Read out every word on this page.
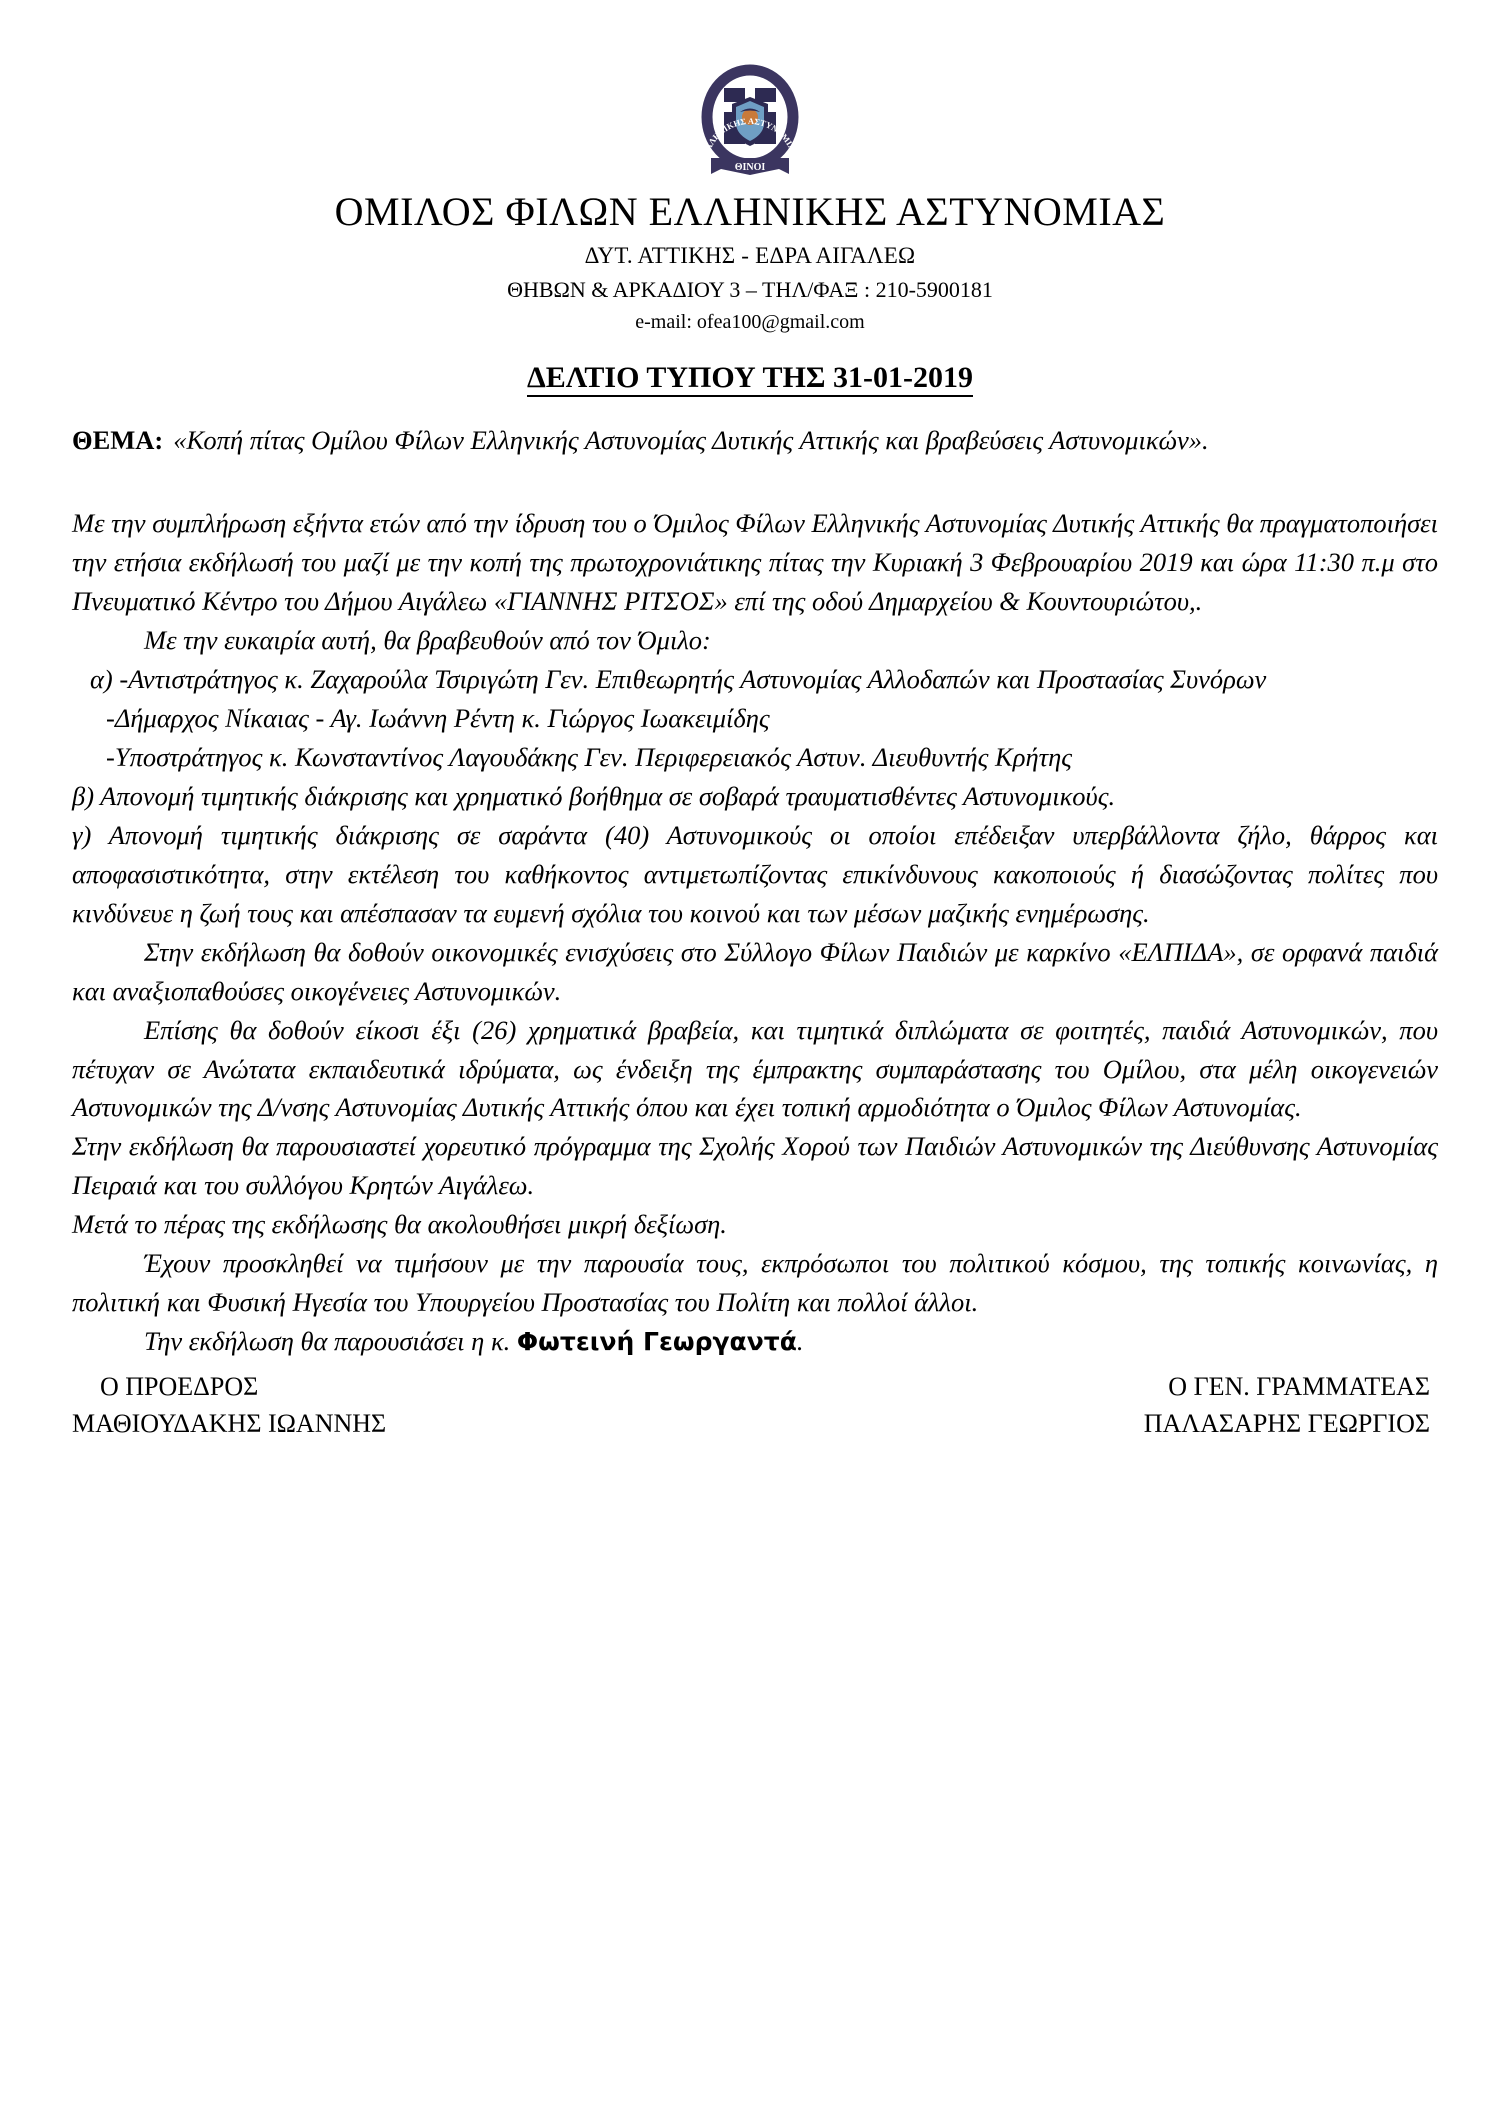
ΕΛΛΗΝΙΚΗΣ ΑΣΤΥΝΟΜΙΑΣ
ΘΙΝΟΙ
ΟΜΙΛΟΣ ΦΙΛΩΝ ΕΛΛΗΝΙΚΗΣ ΑΣΤΥΝΟΜΙΑΣ
ΔΥΤ. ΑΤΤΙΚΗΣ - ΕΔΡΑ ΑΙΓΑΛΕΩ
ΘΗΒΩΝ & ΑΡΚΑΔΙΟΥ 3 – ΤΗΛ/ΦΑΞ : 210-5900181
e-mail: ofea100@gmail.com
ΔΕΛΤΙΟ ΤΥΠΟΥ ΤΗΣ 31-01-2019
ΘΕΜΑ: «Κοπή πίτας Ομίλου Φίλων Ελληνικής Αστυνομίας Δυτικής Αττικής και βραβεύσεις Αστυνομικών».

Με την συμπλήρωση εξήντα ετών από την ίδρυση του ο Όμιλος Φίλων Ελληνικής Αστυνομίας Δυτικής Αττικής θα πραγματοποιήσει την ετήσια εκδήλωσή του μαζί με την κοπή της πρωτοχρονιάτικης πίτας την Κυριακή 3 Φεβρουαρίου 2019 και ώρα 11:30 π.μ στο Πνευματικό Κέντρο του Δήμου Αιγάλεω «ΓΙΑΝΝΗΣ ΡΙΤΣΟΣ» επί της οδού Δημαρχείου & Κουντουριώτου,.

Με την ευκαιρία αυτή, θα βραβευθούν από τον Όμιλο:

α) -Αντιστράτηγος κ. Ζαχαρούλα Τσιριγώτη Γεν. Επιθεωρητής Αστυνομίας Αλλοδαπών και Προστασίας Συνόρων

-Δήμαρχος Νίκαιας - Αγ. Ιωάννη Ρέντη κ. Γιώργος Ιωακειμίδης

-Υποστράτηγος κ. Κωνσταντίνος Λαγουδάκης Γεν. Περιφερειακός Αστυν. Διευθυντής Κρήτης

β) Απονομή τιμητικής διάκρισης και χρηματικό βοήθημα σε σοβαρά τραυματισθέντες Αστυνομικούς.

γ) Απονομή τιμητικής διάκρισης σε σαράντα (40) Αστυνομικούς οι οποίοι επέδειξαν υπερβάλλοντα ζήλο, θάρρος και αποφασιστικότητα, στην εκτέλεση του καθήκοντος αντιμετωπίζοντας επικίνδυνους κακοποιούς ή διασώζοντας πολίτες που κινδύνευε η ζωή τους και απέσπασαν τα ευμενή σχόλια του κοινού και των μέσων μαζικής ενημέρωσης.

Στην εκδήλωση θα δοθούν οικονομικές ενισχύσεις στο Σύλλογο Φίλων Παιδιών με καρκίνο «ΕΛΠΙΔΑ», σε ορφανά παιδιά και αναξιοπαθούσες οικογένειες Αστυνομικών.

Επίσης θα δοθούν είκοσι έξι (26) χρηματικά βραβεία, και τιμητικά διπλώματα σε φοιτητές, παιδιά Αστυνομικών, που πέτυχαν σε Ανώτατα εκπαιδευτικά ιδρύματα, ως ένδειξη της έμπρακτης συμπαράστασης του Ομίλου, στα μέλη οικογενειών Αστυνομικών της Δ/νσης Αστυνομίας Δυτικής Αττικής όπου και έχει τοπική αρμοδιότητα ο Όμιλος Φίλων Αστυνομίας.

Στην εκδήλωση θα παρουσιαστεί χορευτικό πρόγραμμα της Σχολής Χορού των Παιδιών Αστυνομικών της Διεύθυνσης Αστυνομίας Πειραιά και του συλλόγου Κρητών Αιγάλεω.

Μετά το πέρας της εκδήλωσης θα ακολουθήσει μικρή δεξίωση.

Έχουν προσκληθεί να τιμήσουν με την παρουσία τους, εκπρόσωποι του πολιτικού κόσμου, της τοπικής κοινωνίας, η πολιτική και Φυσική Ηγεσία του Υπουργείου Προστασίας του Πολίτη και πολλοί άλλοι.

Την εκδήλωση θα παρουσιάσει η κ. Φωτεινή Γεωργαντά.

Ο ΠΡΟΕΔΡΟΣ	Ο ΓΕΝ. ΓΡΑΜΜΑΤΕΑΣ
ΜΑΘΙΟΥΔΑΚΗΣ ΙΩΑΝΝΗΣ	ΠΑΛΑΣΑΡΗΣ ΓΕΩΡΓΙΟΣ
